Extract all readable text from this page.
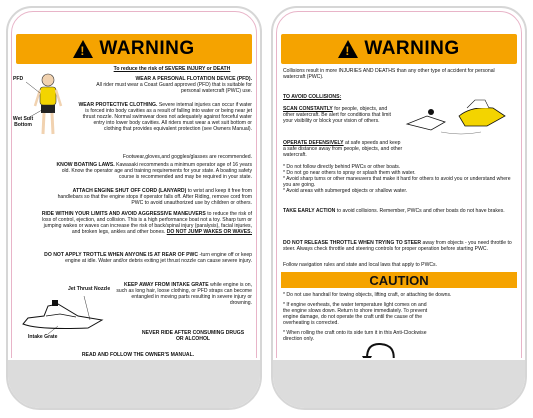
! WARNING
To reduce the risk of SEVERE INJURY or DEATH
PFD
Wet Suit Bottom
WEAR A PERSONAL FLOTATION DEVICE (PFD).
All rider must wear a Coast Guard approved (PFD) that is suitable for personal watercraft (PWC) use.
WEAR PROTECTIVE CLOTHING. Severe internal injuries can occur if water is forced into body cavities as a result of falling into water or being near jet thrust nozzle. Normal swimwear does not adequately against forceful water entry into lower body cavities. All riders must wear a wet suit bottom or clothing that provides equivalent protection (see Owners Manual).
Footwear,gloves,and goggles/glasses are recommended.
KNOW BOATING LAWS. Kawasaki recommends a minimum operator age of 16 years old. Know the operator age and training requirements for your state. A boating safety course is recommended and may be required in your state.
ATTACH ENGINE SHUT OFF CORD (LANYARD) to wrist and keep it free from handlebars so that the engine stops if operator falls off. After Riding, remove cord from PWC to avoid unauthorized use by children or others.
RIDE WITHIN YOUR LIMITS AND AVOID AGGRESSIVE MANEUVERS to reduce the risk of loss of control, ejection, and collision. This is a high performance boat not a toy. Sharp turn or jumping wakes or waves can increase the risk of back/spinal injury (paralysis), facial injuries, and broken legs, ankles and other bones. DO NOT JUMP WAKES OR WAVES.
DO NOT APPLY TROTTLE WHEN ANYONE IS AT REAR OF PWC -turn engine off or keep engine at idle. Water and/or debris exiting jet thrust nozzle can cause severe injury.
Jet Thrust Nozzle
Intake Grate
KEEP AWAY FROM INTAKE GRATE while engine is on, such as long hair, loose clothing, or PFD straps can become entangled in moving parts resulting in severe injury or drowning.
NEVER RIDE AFTER CONSUMING DRUGS OR ALCOHOL
READ AND FOLLOW THE OWNER'S MANUAL.
! WARNING
Collisions result in more INJURIES AND DEATHS than any other type of accident for personal watercraft (PWC).
TO AVOID COLLISIONS:
SCAN CONSTANTLY for people, objects, and other watercraft. Be alert for conditions that limit your visibility or block your vision of others.
OPERATE DEFENSIVELY at safe speeds and keep a safe distance away from people, objects, and other watercraft.
* Do not follow directly behind PWCs or other boats.
* Do not go near others to spray or splash them with water.
* Avoid sharp turns or other maneuvers that make it hard for others to avoid you or understand where you are going.
* Avoid areas with submerged objects or shallow water.
TAKE EARLY ACTION to avoid collisions. Remember, PWCs and other boats do not have brakes.
DO NOT RELEASE THROTTLE WHEN TRYING TO STEER away from objects - you need throttle to steer. Always check throttle and steering controls for proper operation before starting PWC.
Follow navigation rules and state and local laws that apply to PWCs.
CAUTION
* Do not use handrail for towing objects, lifting craft, or attaching tie downs.
* If engine overheats, the water temperature light comes on and the engine slows down. Return to shore immediately. To prevent engine damage, do not operate the craft until the cause of the overheating is corrected.
* When rolling the craft onto its side turn it in this Anti-Clockwise direction only.
